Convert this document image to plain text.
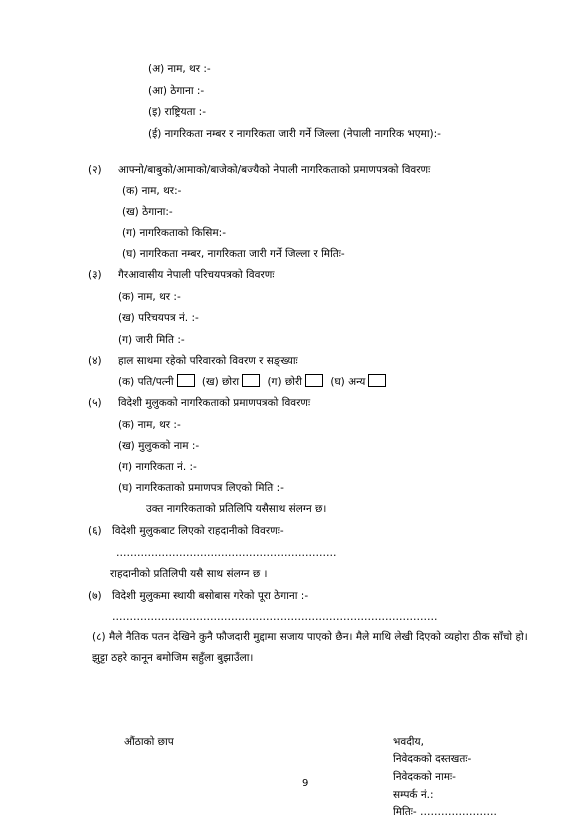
(अ) नाम, थर :-
(आ) ठेगाना :-
(इ) राष्ट्रियता :-
(ई) नागरिकता नम्बर र नागरिकता जारी गर्ने जिल्ला (नेपाली नागरिक भएमा):-
(२) आफ्नो/बाबुको/आमाको/बाजेको/बज्यैको नेपाली नागरिकताको प्रमाणपत्रको विवरणः
(क) नाम, थर:-
(ख) ठेगाना:-
(ग) नागरिकताको किसिम:-
(घ) नागरिकता नम्बर, नागरिकता जारी गर्ने जिल्ला र मितिः-
(३) गैरआवासीय नेपाली परिचयपत्रको विवरणः
(क) नाम, थर :-
(ख) परिचयपत्र नं. :-
(ग) जारी मिति :-
(४) हाल साथमा रहेको परिवारको विवरण र सङ्ख्याः
(क) पति/पत्नी	(ख) छोरा	(ग) छोरी	(घ) अन्य
(५) विदेशी मुलुकको नागरिकताको प्रमाणपत्रको विवरणः
(क) नाम, थर :-
(ख) मुलुकको नाम :-
(ग) नागरिकता नं. :-
(घ) नागरिकताको प्रमाणपत्र लिएको मिति :-
उक्त नागरिकताको प्रतिलिपि यसैसाथ संलग्न छ।
(६) विदेशी मुलुकबाट लिएको राहदानीको विवरणः-
………………………………………………………
राहदानीको प्रतिलिपी यसै साथ संलग्न छ ।
(७) विदेशी मुलुकमा स्थायी बसोबास गरेको पूरा ठेगाना :-
…………………………………………………………………………………
(८) मैले नैतिक पतन देखिने कुनै फौजदारी मुद्दामा सजाय पाएको छैन। मैले माथि लेखी दिएको व्यहोरा ठीक साँचो हो। झुट्टा ठहरे कानून बमोजिम सहुँला बुझाउँला।
औंठाको छाप	भवदीय,
निवेदकको दस्तखतः-
निवेदकको नामः-
सम्पर्क नं.:
मितिः- ………………….
9
